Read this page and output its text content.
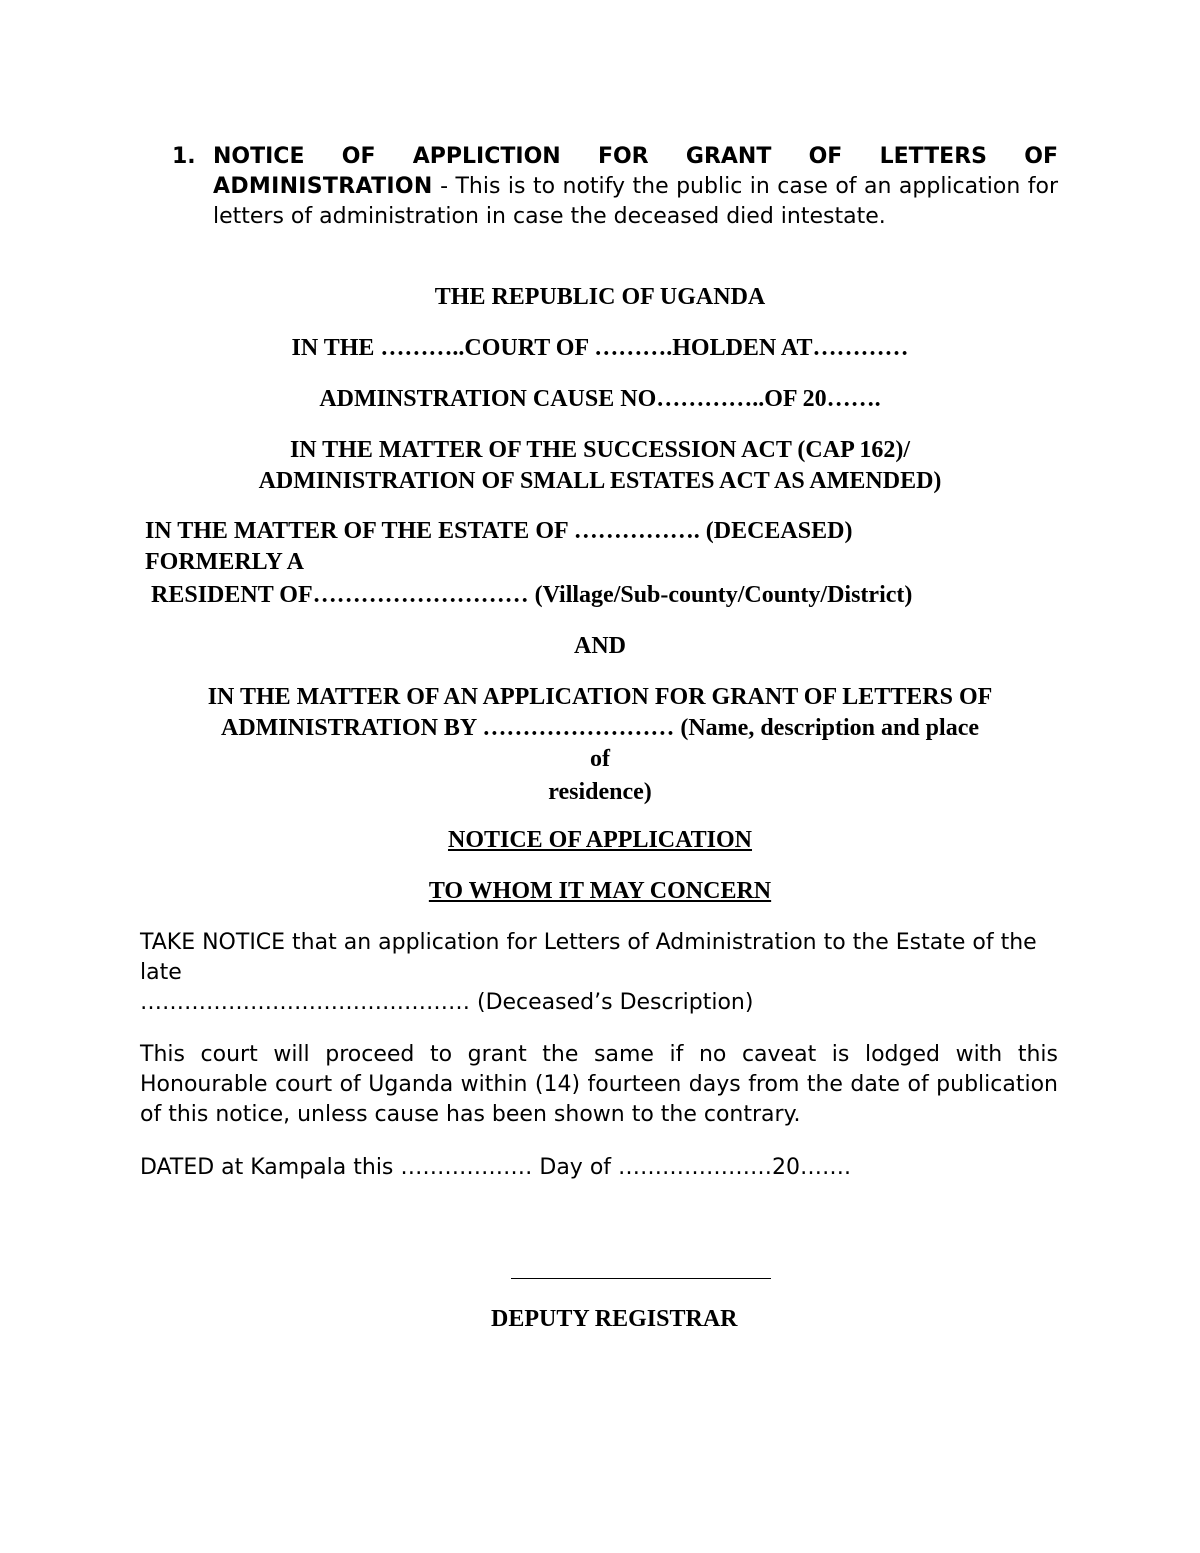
1. NOTICE OF APPLICTION FOR GRANT OF LETTERS OF
ADMINISTRATION - This is to notify the public in case of an application for letters of administration in case the deceased died intestate.
THE REPUBLIC OF UGANDA
IN THE ………..COURT OF ……….HOLDEN AT…………
ADMINSTRATION CAUSE NO…………..OF 20…….
IN THE MATTER OF THE SUCCESSION ACT (CAP 162)/
ADMINISTRATION OF SMALL ESTATES ACT AS AMENDED)
IN THE MATTER OF THE ESTATE OF ……………. (DECEASED)
FORMERLY A
RESIDENT OF……………………… (Village/Sub-county/County/District)
AND
IN THE MATTER OF AN APPLICATION FOR GRANT OF LETTERS OF
ADMINISTRATION BY …………………… (Name, description and place
of
residence)
NOTICE OF APPLICATION
TO WHOM IT MAY CONCERN
TAKE NOTICE that an application for Letters of Administration to the Estate of the late
……………………………………… (Deceased’s Description)
This court will proceed to grant the same if no caveat is lodged with this Honourable court of Uganda within (14) fourteen days from the date of publication of this notice, unless cause has been shown to the contrary.
DATED at Kampala this ……………… Day of …………………20…….
DEPUTY REGISTRAR
